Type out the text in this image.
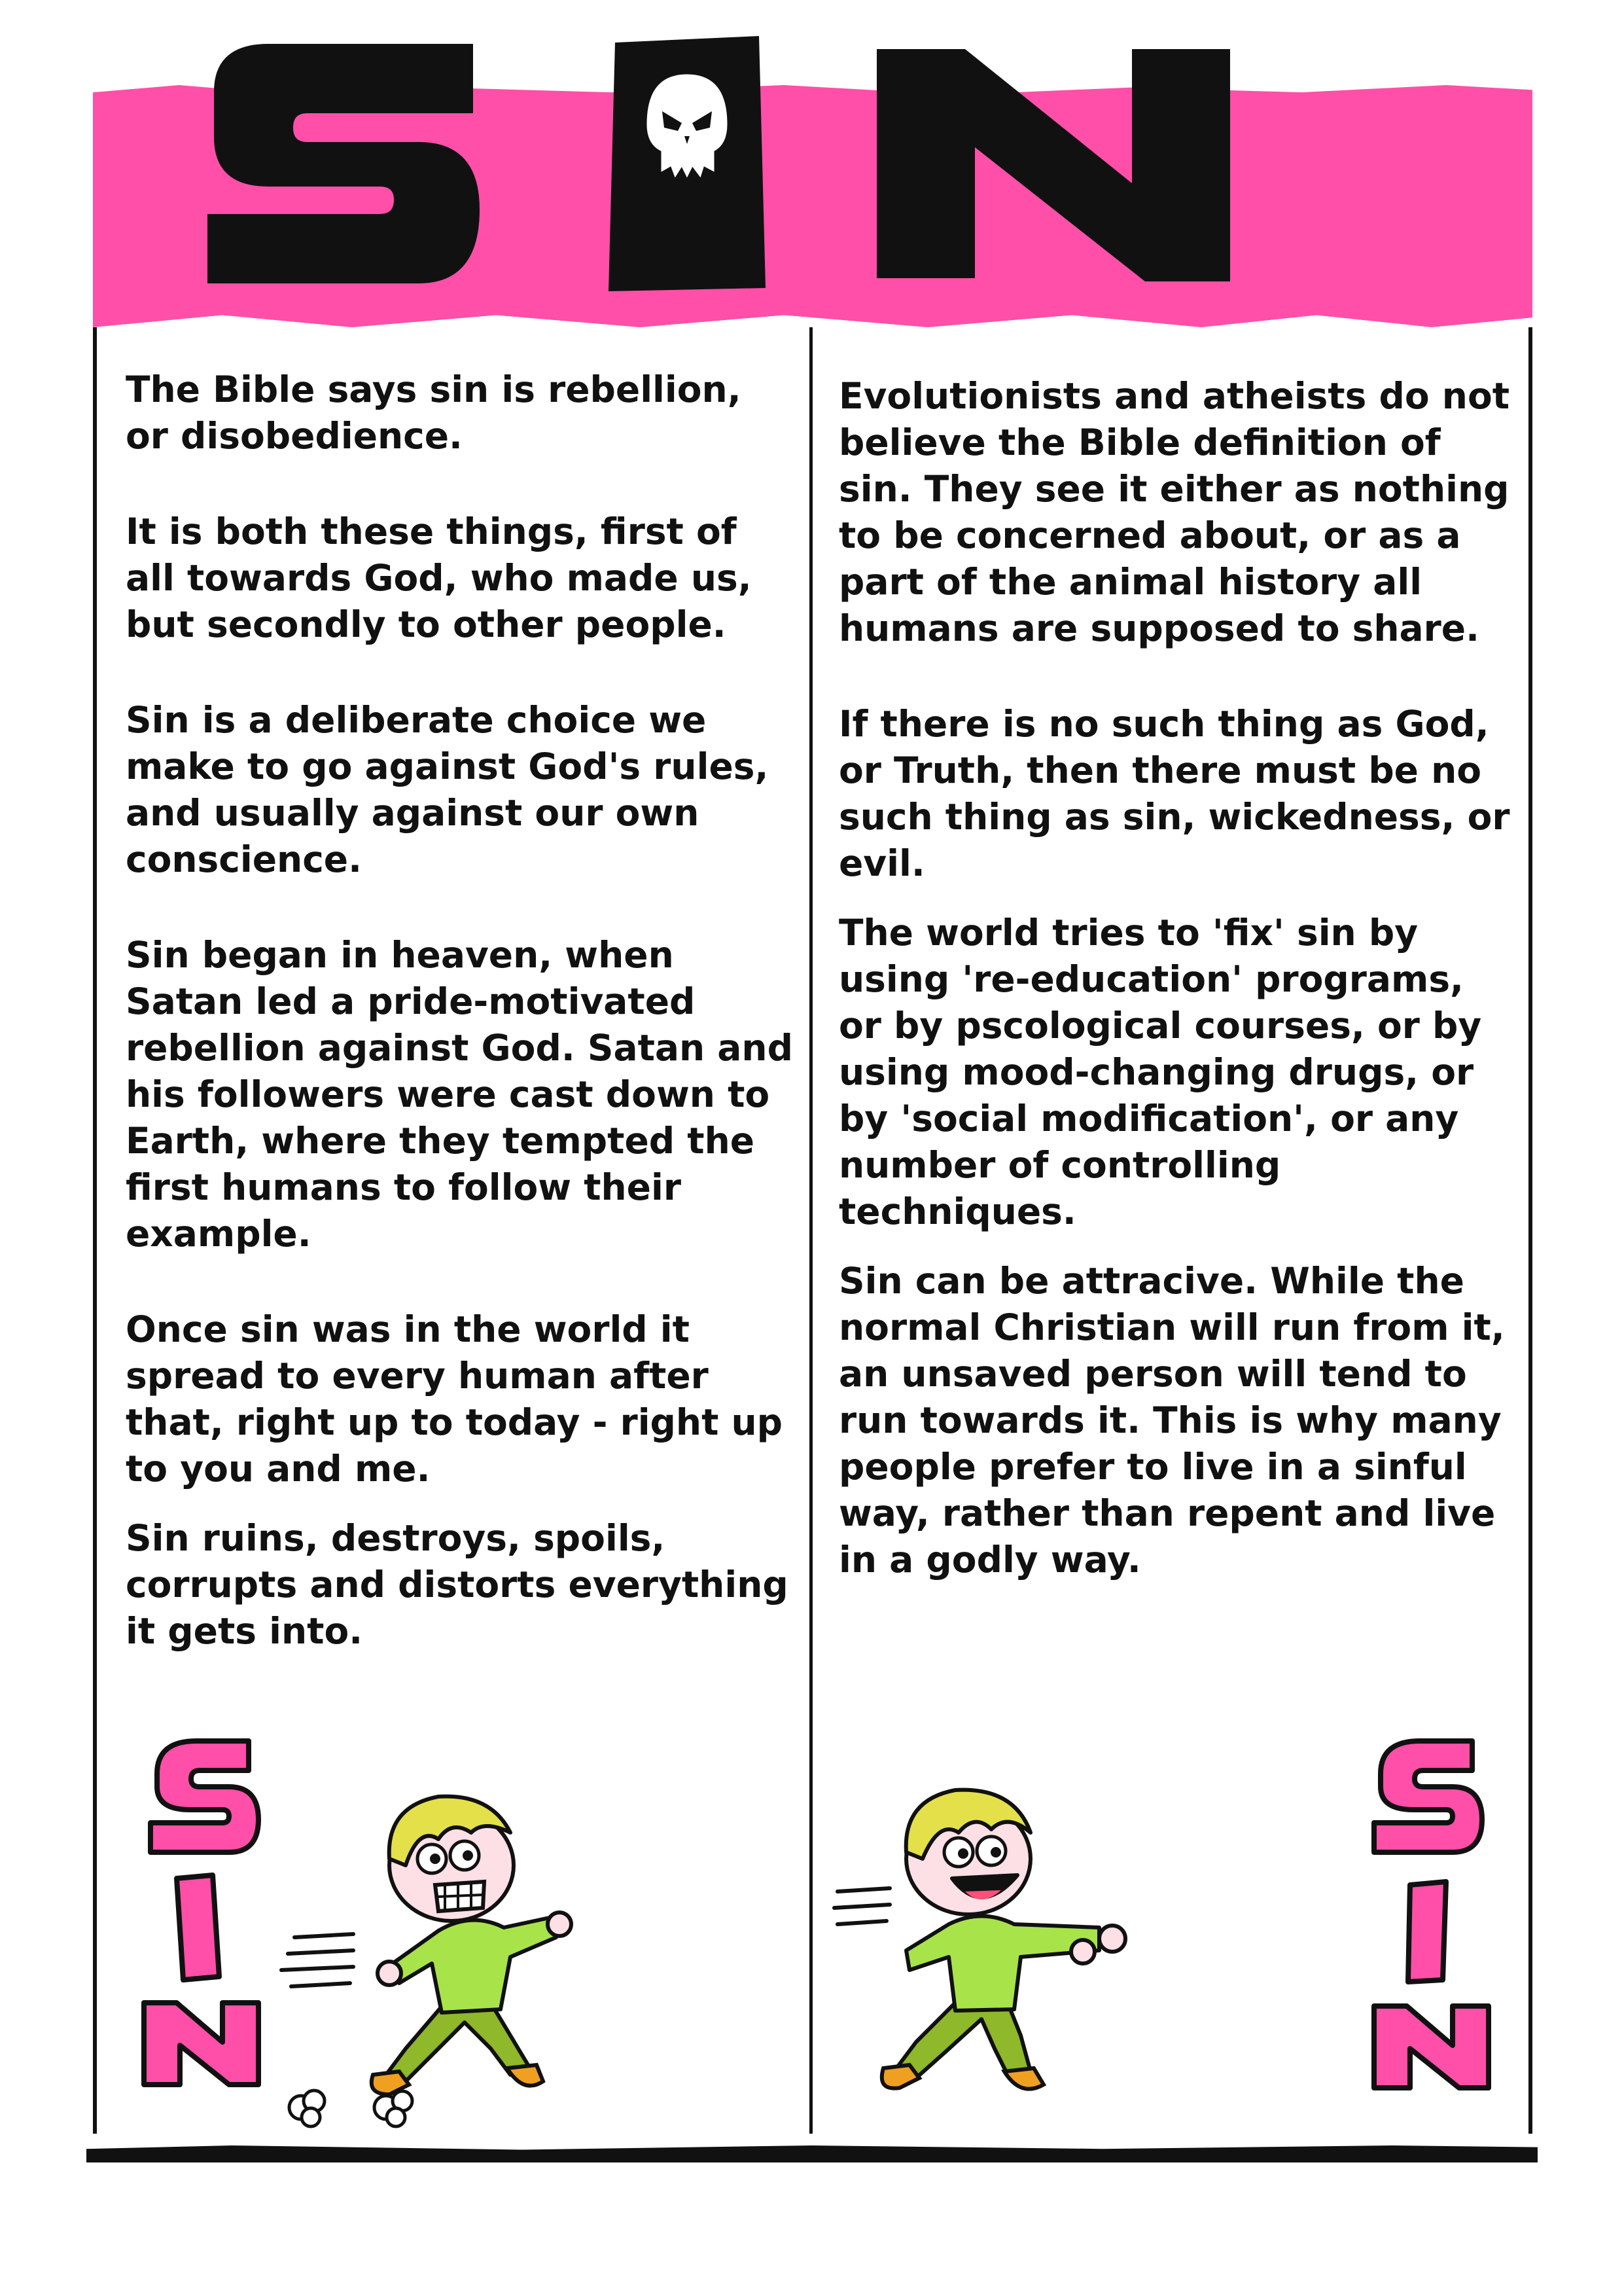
The Bible says sin is rebellion, or disobedience.

It is both these things, first of all towards God, who made us, but secondly to other people.

Sin is a deliberate choice we make to go against God's rules, and usually against our own conscience.

Sin began in heaven, when Satan led a pride-motivated rebellion against God. Satan and his followers were cast down to Earth, where they tempted the first humans to follow their example.

Once sin was in the world it spread to every human after that, right up to today - right up to you and me.

Sin ruins, destroys, spoils, corrupts and distorts everything it gets into.

Evolutionists and atheists do not believe the Bible definition of sin. They see it either as nothing to be concerned about, or as a part of the animal history all humans are supposed to share.

If there is no such thing as God, or Truth, then there must be no such thing as sin, wickedness, or evil.

The world tries to 'fix' sin by using 're-education' programs, or by pscological courses, or by using mood-changing drugs, or by 'social modification', or any number of controlling techniques.

Sin can be attracive. While the normal Christian will run from it, an unsaved person will tend to run towards it. This is why many people prefer to live in a sinful way, rather than repent and live in a godly way.
